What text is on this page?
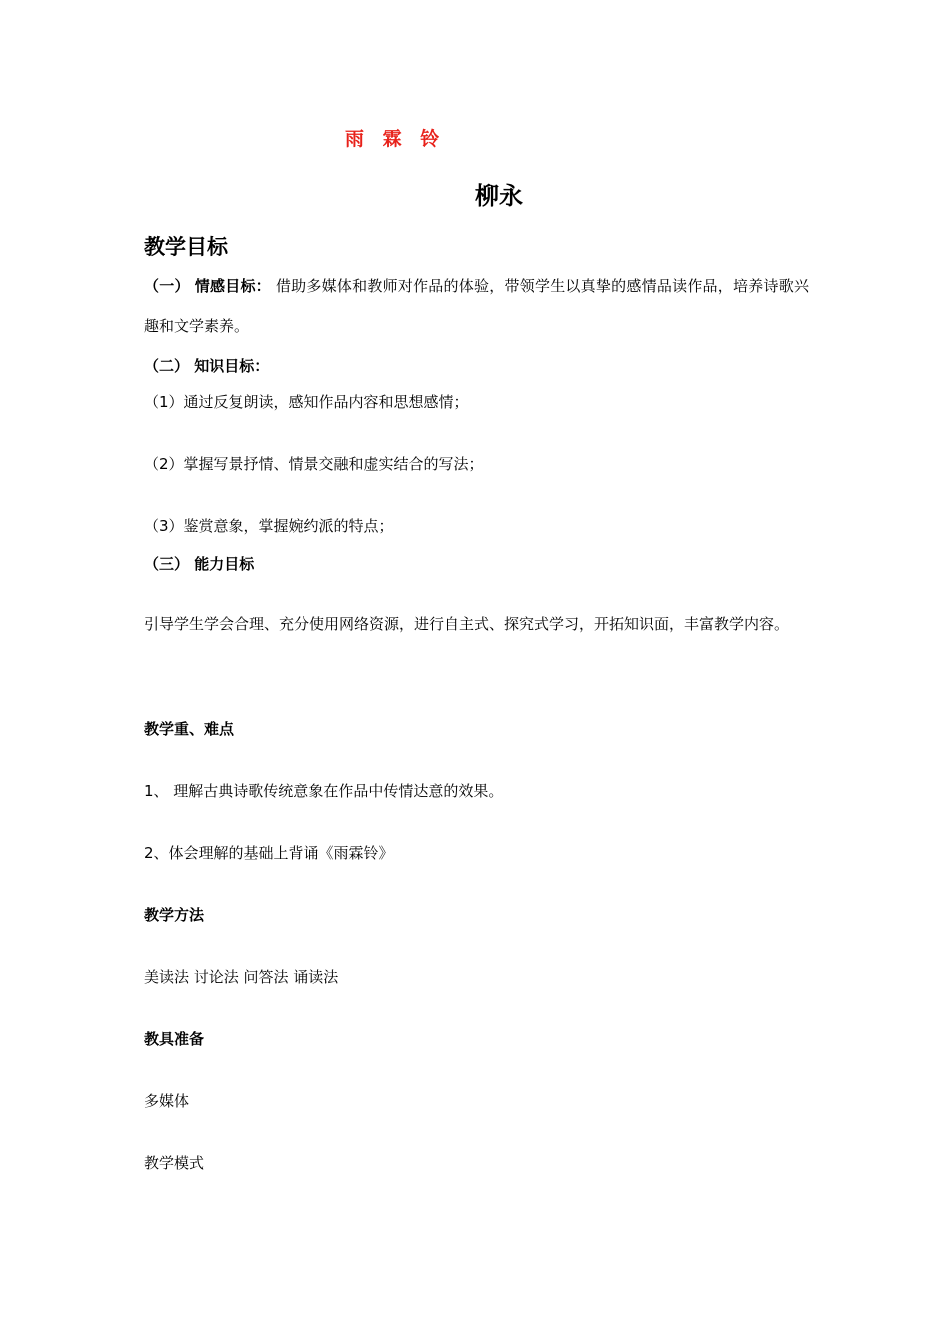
雨 霖 铃
柳永
教学目标
（一） 情感目标： 借助多媒体和教师对作品的体验，带领学生以真挚的感情品读作品，培养诗歌兴趣和文学素养。
（二） 知识目标：
（1）通过反复朗读，感知作品内容和思想感情；
（2）掌握写景抒情、情景交融和虚实结合的写法；
（3）鉴赏意象，掌握婉约派的特点；
（三） 能力目标
引导学生学会合理、充分使用网络资源，进行自主式、探究式学习，开拓知识面，丰富教学内容。
教学重、难点
1、 理解古典诗歌传统意象在作品中传情达意的效果。
2、体会理解的基础上背诵《雨霖铃》
教学方法
美读法 讨论法 问答法 诵读法
教具准备
多媒体
教学模式
